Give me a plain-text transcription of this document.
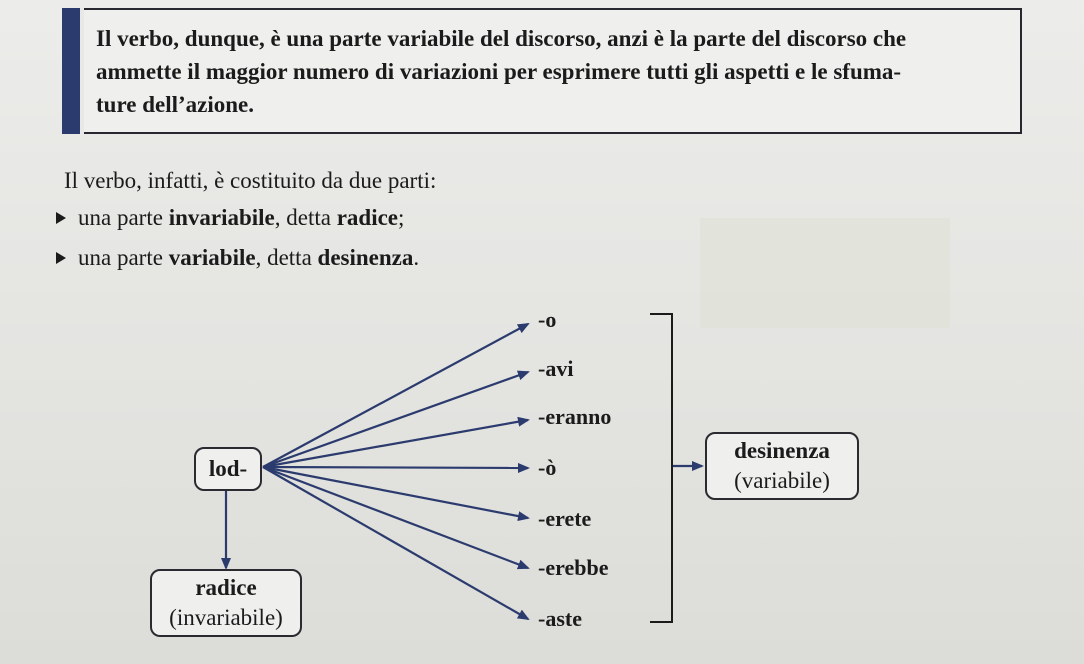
Il verbo, dunque, è una parte variabile del discorso, anzi è la parte del discorso che
ammette il maggior numero di variazioni per esprimere tutti gli aspetti e le sfuma-
ture dell’azione.
Il verbo, infatti, è costituito da due parti:
una parte invariabile, detta radice;
una parte variabile, detta desinenza.
lod-
radice
(invariabile)
desinenza
(variabile)
-o
-avi
-eranno
-ò
-erete
-erebbe
-aste
